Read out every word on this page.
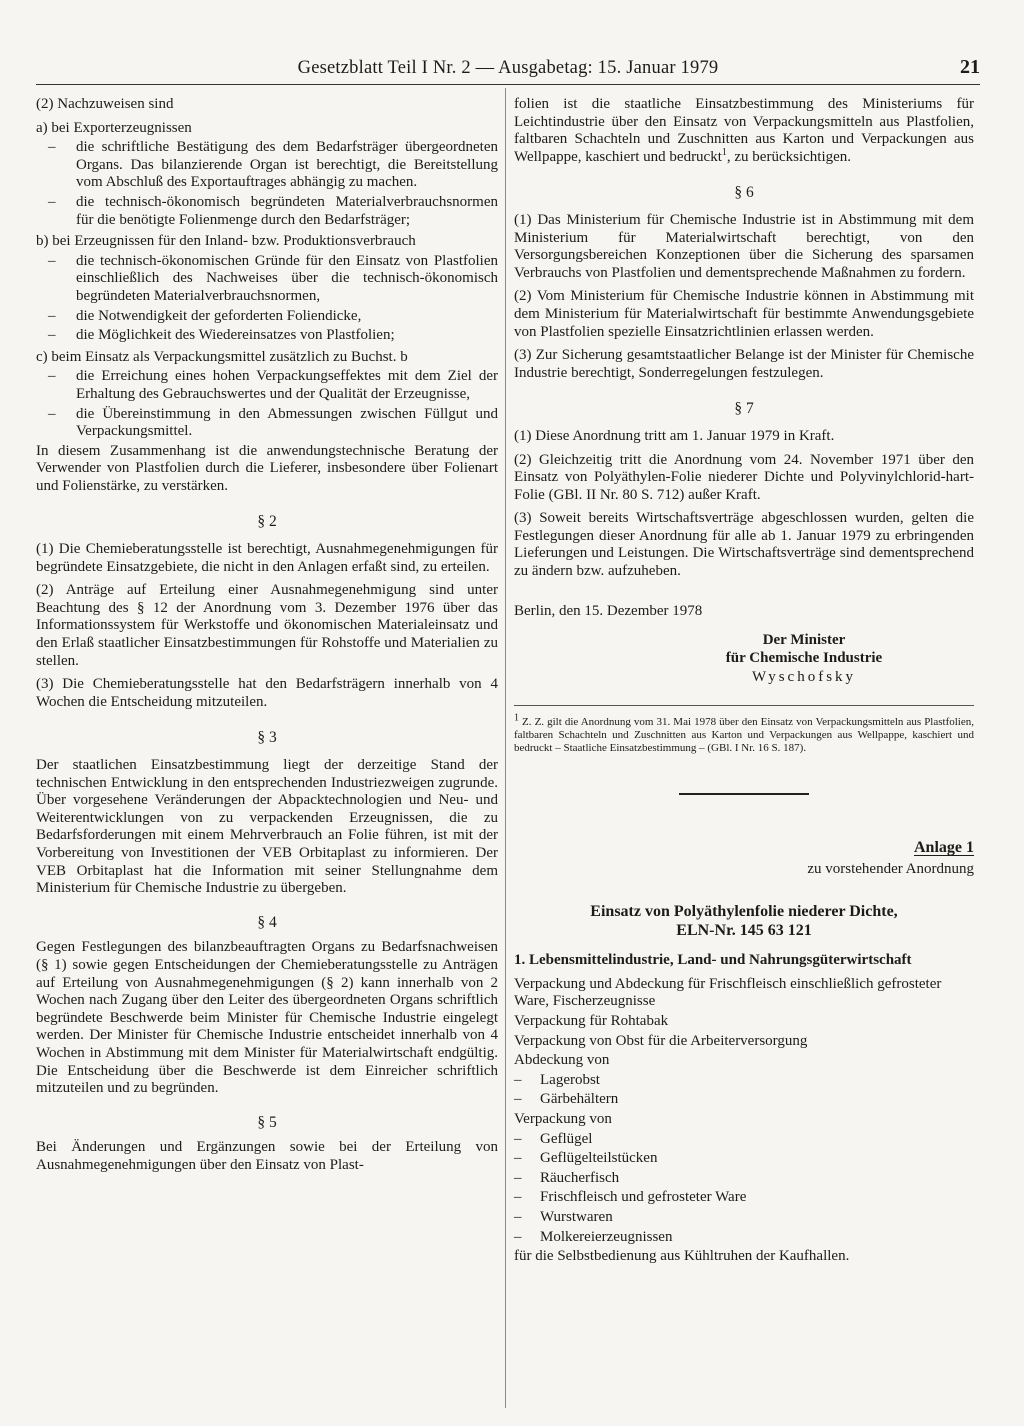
Gesetzblatt Teil I Nr. 2 — Ausgabetag: 15. Januar 1979	21

(2) Nachzuweisen sind

a) bei Exporterzeugnissen
– die schriftliche Bestätigung des dem Bedarfsträger übergeordneten Organs. Das bilanzierende Organ ist berechtigt, die Bereitstellung vom Abschluß des Exportauftrages abhängig zu machen.
– die technisch-ökonomisch begründeten Materialverbrauchsnormen für die benötigte Folienmenge durch den Bedarfsträger;
b) bei Erzeugnissen für den Inland- bzw. Produktionsverbrauch
– die technisch-ökonomischen Gründe für den Einsatz von Plastfolien einschließlich des Nachweises über die technisch-ökonomisch begründeten Materialverbrauchsnormen,
– die Notwendigkeit der geforderten Foliendicke,
– die Möglichkeit des Wiedereinsatzes von Plastfolien;
c) beim Einsatz als Verpackungsmittel zusätzlich zu Buchst. b
– die Erreichung eines hohen Verpackungseffektes mit dem Ziel der Erhaltung des Gebrauchswertes und der Qualität der Erzeugnisse,
– die Übereinstimmung in den Abmessungen zwischen Füllgut und Verpackungsmittel.

In diesem Zusammenhang ist die anwendungstechnische Beratung der Verwender von Plastfolien durch die Lieferer, insbesondere über Folienart und Folienstärke, zu verstärken.

§ 2

(1) Die Chemieberatungsstelle ist berechtigt, Ausnahmegenehmigungen für begründete Einsatzgebiete, die nicht in den Anlagen erfaßt sind, zu erteilen.

(2) Anträge auf Erteilung einer Ausnahmegenehmigung sind unter Beachtung des § 12 der Anordnung vom 3. Dezember 1976 über das Informationssystem für Werkstoffe und ökonomischen Materialeinsatz und den Erlaß staatlicher Einsatzbestimmungen für Rohstoffe und Materialien zu stellen.

(3) Die Chemieberatungsstelle hat den Bedarfsträgern innerhalb von 4 Wochen die Entscheidung mitzuteilen.

§ 3

Der staatlichen Einsatzbestimmung liegt der derzeitige Stand der technischen Entwicklung in den entsprechenden Industriezweigen zugrunde. Über vorgesehene Veränderungen der Abpacktechnologien und Neu- und Weiterentwicklungen von zu verpackenden Erzeugnissen, die zu Bedarfsforderungen mit einem Mehrverbrauch an Folie führen, ist mit der Vorbereitung von Investitionen der VEB Orbitaplast zu informieren. Der VEB Orbitaplast hat die Information mit seiner Stellungnahme dem Ministerium für Chemische Industrie zu übergeben.

§ 4

Gegen Festlegungen des bilanzbeauftragten Organs zu Bedarfsnachweisen (§ 1) sowie gegen Entscheidungen der Chemieberatungsstelle zu Anträgen auf Erteilung von Ausnahmegenehmigungen (§ 2) kann innerhalb von 2 Wochen nach Zugang über den Leiter des übergeordneten Organs schriftlich begründete Beschwerde beim Minister für Chemische Industrie eingelegt werden. Der Minister für Chemische Industrie entscheidet innerhalb von 4 Wochen in Abstimmung mit dem Minister für Materialwirtschaft endgültig. Die Entscheidung über die Beschwerde ist dem Einreicher schriftlich mitzuteilen und zu begründen.

§ 5

Bei Änderungen und Ergänzungen sowie bei der Erteilung von Ausnahmegenehmigungen über den Einsatz von Plast-

folien ist die staatliche Einsatzbestimmung des Ministeriums für Leichtindustrie über den Einsatz von Verpackungsmitteln aus Plastfolien, faltbaren Schachteln und Zuschnitten aus Karton und Verpackungen aus Wellpappe, kaschiert und bedruckt$^1$, zu berücksichtigen.

§ 6

(1) Das Ministerium für Chemische Industrie ist in Abstimmung mit dem Ministerium für Materialwirtschaft berechtigt, von den Versorgungsbereichen Konzeptionen über die Sicherung des sparsamen Verbrauchs von Plastfolien und dementsprechende Maßnahmen zu fordern.

(2) Vom Ministerium für Chemische Industrie können in Abstimmung mit dem Ministerium für Materialwirtschaft für bestimmte Anwendungsgebiete von Plastfolien spezielle Einsatzrichtlinien erlassen werden.

(3) Zur Sicherung gesamtstaatlicher Belange ist der Minister für Chemische Industrie berechtigt, Sonderregelungen festzulegen.

§ 7

(1) Diese Anordnung tritt am 1. Januar 1979 in Kraft.

(2) Gleichzeitig tritt die Anordnung vom 24. November 1971 über den Einsatz von Polyäthylen-Folie niederer Dichte und Polyvinylchlorid-hart-Folie (GBl. II Nr. 80 S. 712) außer Kraft.

(3) Soweit bereits Wirtschaftsverträge abgeschlossen wurden, gelten die Festlegungen dieser Anordnung für alle ab 1. Januar 1979 zu erbringenden Lieferungen und Leistungen. Die Wirtschaftsverträge sind dementsprechend zu ändern bzw. aufzuheben.

Berlin, den 15. Dezember 1978
Der Minister
für Chemische Industrie
Wyschofsky
1 Z. Z. gilt die Anordnung vom 31. Mai 1978 über den Einsatz von Verpackungsmitteln aus Plastfolien, faltbaren Schachteln und Zuschnitten aus Karton und Verpackungen aus Wellpappe, kaschiert und bedruckt – Staatliche Einsatzbestimmung – (GBl. I Nr. 16 S. 187).
Anlage 1
zu vorstehender Anordnung
Einsatz von Polyäthylenfolie niederer Dichte,
ELN-Nr. 145 63 121
1. Lebensmittelindustrie, Land- und Nahrungsgüterwirtschaft
Verpackung und Abdeckung für Frischfleisch einschließlich gefrosteter Ware, Fischerzeugnisse
Verpackung für Rohtabak
Verpackung von Obst für die Arbeiterversorgung
Abdeckung von
– Lagerobst
– Gärbehältern
Verpackung von
– Geflügel
– Geflügelteilstücken
– Räucherfisch
– Frischfleisch und gefrosteter Ware
– Wurstwaren
– Molkereierzeugnissen
für die Selbstbedienung aus Kühltruhen der Kaufhallen.
